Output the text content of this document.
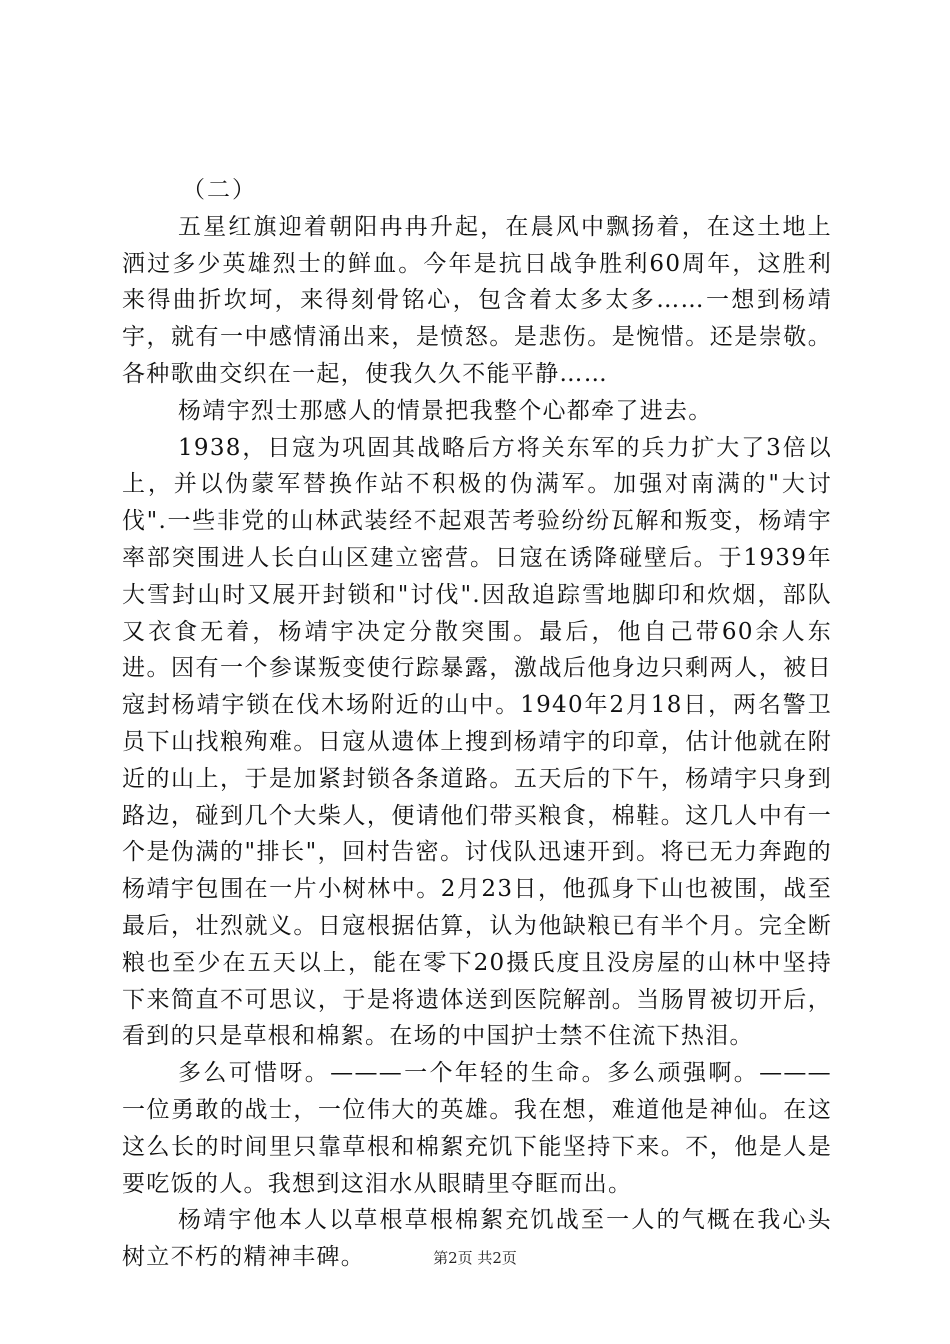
（二）

五星红旗迎着朝阳冉冉升起，在晨风中飘扬着，在这土地上洒过多少英雄烈士的鲜血。今年是抗日战争胜利60周年，这胜利来得曲折坎坷，来得刻骨铭心，包含着太多太多……一想到杨靖宇，就有一中感情涌出来，是愤怒。是悲伤。是惋惜。还是崇敬。各种歌曲交织在一起，使我久久不能平静……

杨靖宇烈士那感人的情景把我整个心都牵了进去。

1938，日寇为巩固其战略后方将关东军的兵力扩大了3倍以上，并以伪蒙军替换作站不积极的伪满军。加强对南满的"大讨伐".一些非党的山林武装经不起艰苦考验纷纷瓦解和叛变，杨靖宇率部突围进人长白山区建立密营。日寇在诱降碰壁后。于1939年大雪封山时又展开封锁和"讨伐".因敌追踪雪地脚印和炊烟，部队又衣食无着，杨靖宇决定分散突围。最后，他自己带60余人东进。因有一个参谋叛变使行踪暴露，激战后他身边只剩两人，被日寇封杨靖宇锁在伐木场附近的山中。1940年2月18日，两名警卫员下山找粮殉难。日寇从遗体上搜到杨靖宇的印章，估计他就在附近的山上，于是加紧封锁各条道路。五天后的下午，杨靖宇只身到路边，碰到几个大柴人，便请他们带买粮食，棉鞋。这几人中有一个是伪满的"排长"，回村告密。讨伐队迅速开到。将已无力奔跑的杨靖宇包围在一片小树林中。2月23日，他孤身下山也被围，战至最后，壮烈就义。日寇根据估算，认为他缺粮已有半个月。完全断粮也至少在五天以上，能在零下20摄氏度且没房屋的山林中坚持下来简直不可思议，于是将遗体送到医院解剖。当肠胃被切开后，看到的只是草根和棉絮。在场的中国护士禁不住流下热泪。

多么可惜呀。———一个年轻的生命。多么顽强啊。———一位勇敢的战士，一位伟大的英雄。我在想，难道他是神仙。在这这么长的时间里只靠草根和棉絮充饥下能坚持下来。不，他是人是要吃饭的人。我想到这泪水从眼睛里夺眶而出。

杨靖宇他本人以草根草根棉絮充饥战至一人的气概在我心头树立不朽的精神丰碑。	第2页 共2页
